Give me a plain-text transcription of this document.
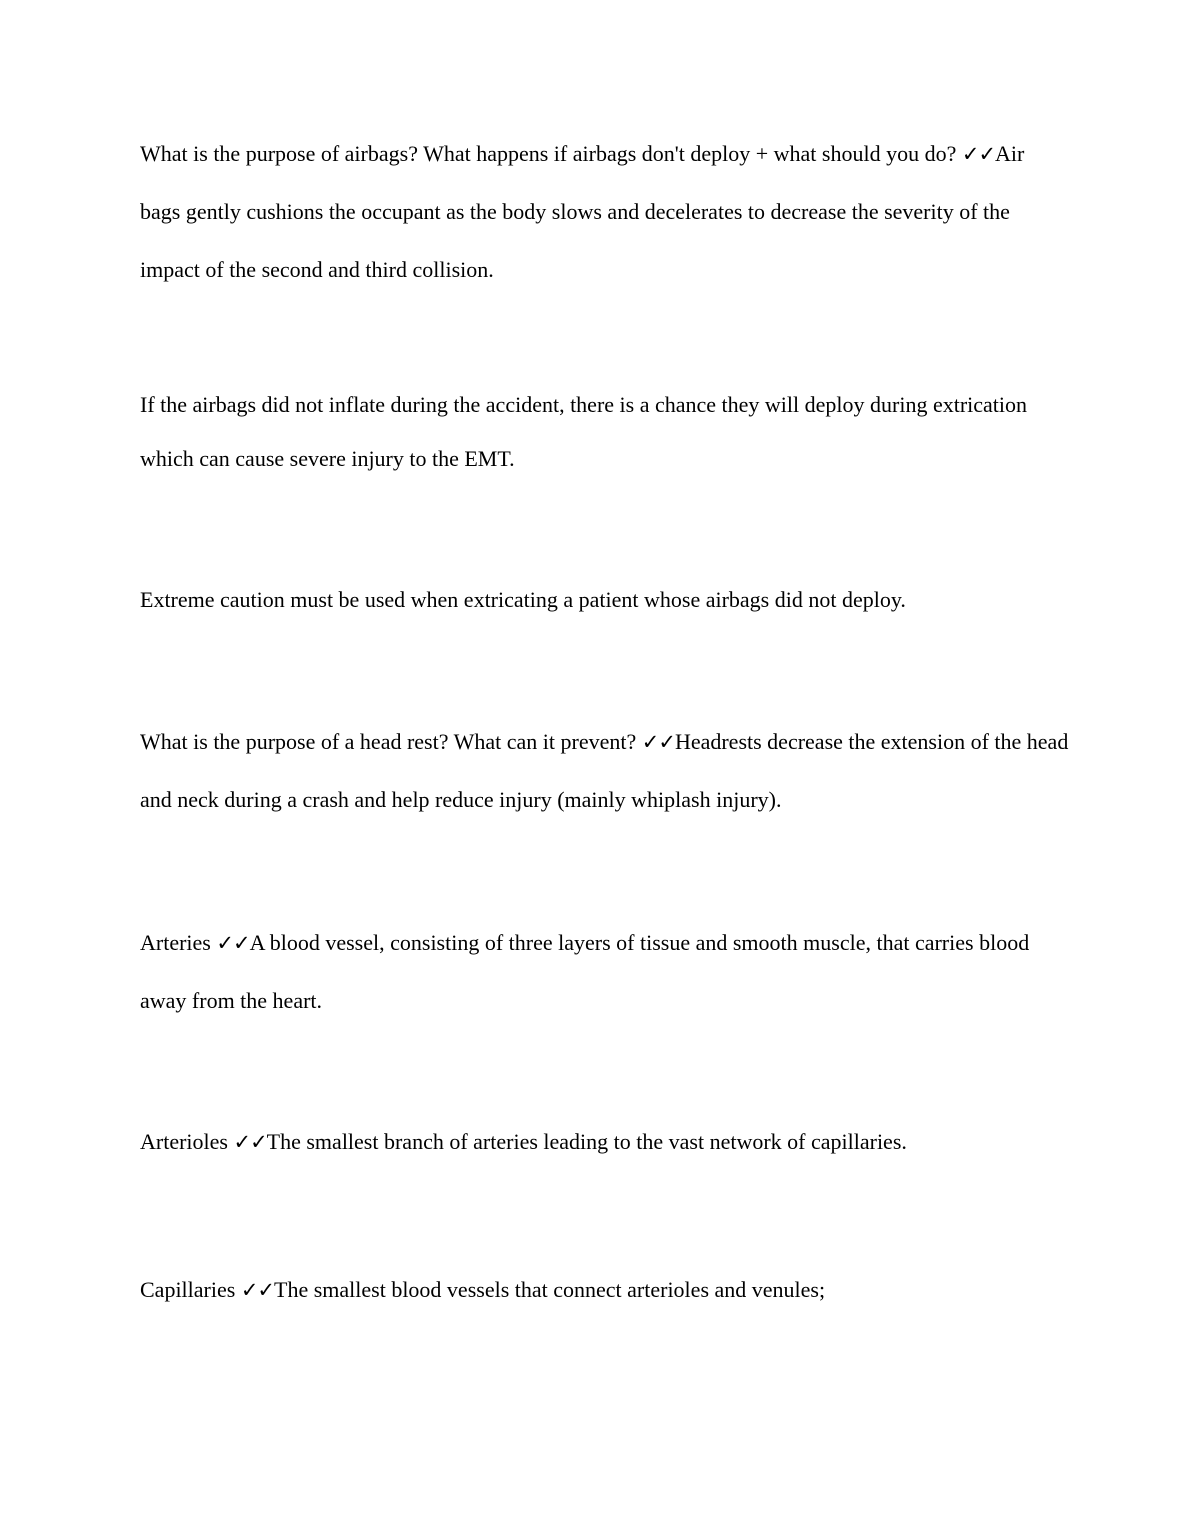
What is the purpose of airbags? What happens if airbags don't deploy + what should you do? ✓✓Air bags gently cushions the occupant as the body slows and decelerates to decrease the severity of the impact of the second and third collision.

If the airbags did not inflate during the accident, there is a chance they will deploy during extrication which can cause severe injury to the EMT.

Extreme caution must be used when extricating a patient whose airbags did not deploy.

What is the purpose of a head rest? What can it prevent? ✓✓Headrests decrease the extension of the head and neck during a crash and help reduce injury (mainly whiplash injury).

Arteries ✓✓A blood vessel, consisting of three layers of tissue and smooth muscle, that carries blood away from the heart.

Arterioles ✓✓The smallest branch of arteries leading to the vast network of capillaries.

Capillaries ✓✓The smallest blood vessels that connect arterioles and venules;
